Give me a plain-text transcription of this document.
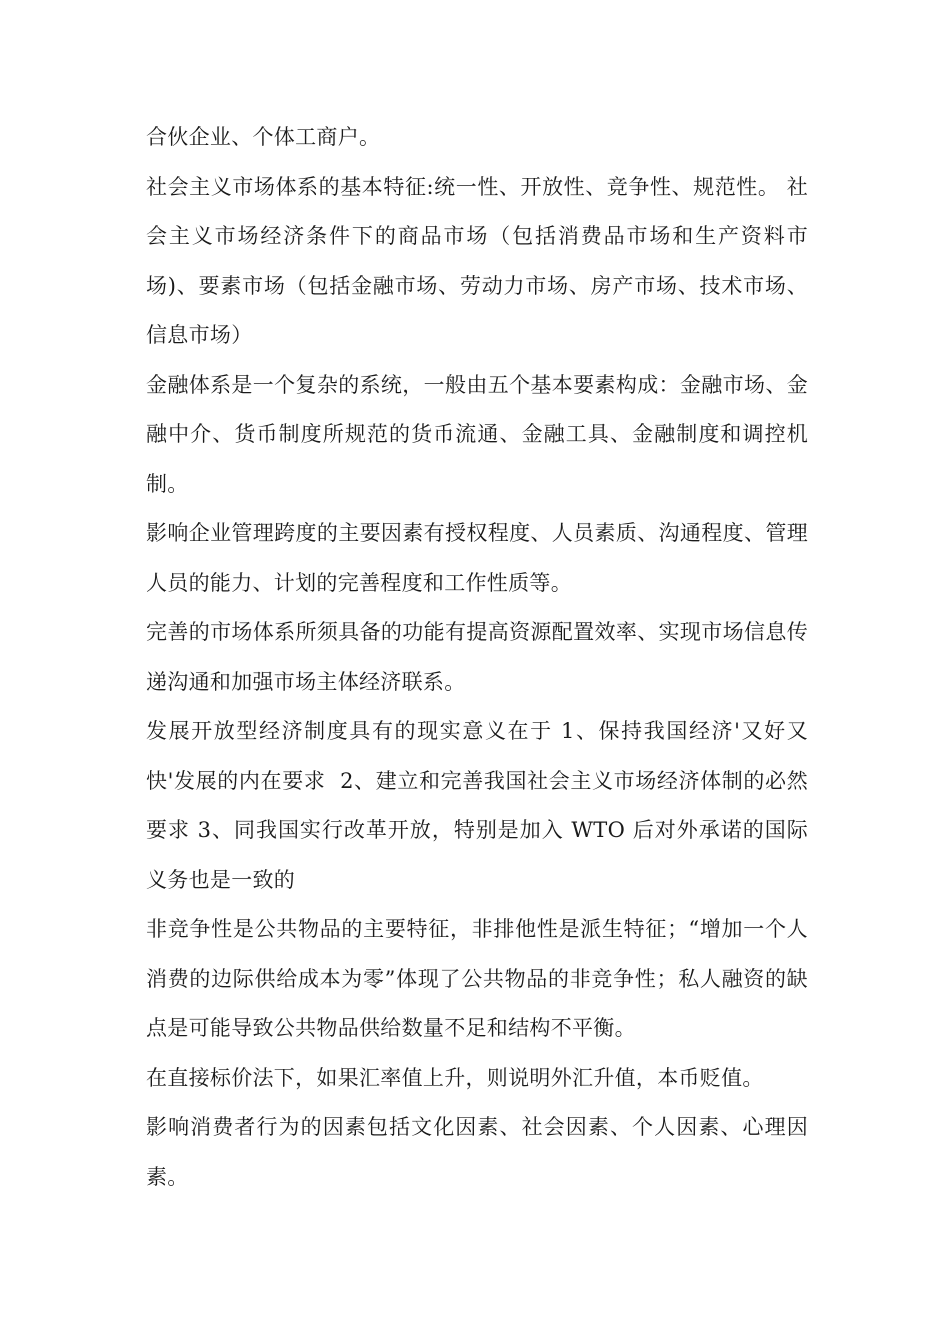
合伙企业、个体工商户。

社会主义市场体系的基本特征:统一性、开放性、竞争性、规范性。 社会主义市场经济条件下的商品市场（包括消费品市场和生产资料市场)、要素市场（包括金融市场、劳动力市场、房产市场、技术市场、信息市场）

金融体系是一个复杂的系统，一般由五个基本要素构成：金融市场、金融中介、货币制度所规范的货币流通、金融工具、金融制度和调控机制。

影响企业管理跨度的主要因素有授权程度、人员素质、沟通程度、管理人员的能力、计划的完善程度和工作性质等。

完善的市场体系所须具备的功能有提高资源配置效率、实现市场信息传递沟通和加强市场主体经济联系。

发展开放型经济制度具有的现实意义在于 1、保持我国经济'又好又快'发展的内在要求  2、建立和完善我国社会主义市场经济体制的必然要求 3、同我国实行改革开放，特别是加入 WTO 后对外承诺的国际义务也是一致的

非竞争性是公共物品的主要特征，非排他性是派生特征；“增加一个人消费的边际供给成本为零”体现了公共物品的非竞争性；私人融资的缺点是可能导致公共物品供给数量不足和结构不平衡。

在直接标价法下，如果汇率值上升，则说明外汇升值，本币贬值。

影响消费者行为的因素包括文化因素、社会因素、个人因素、心理因素。
